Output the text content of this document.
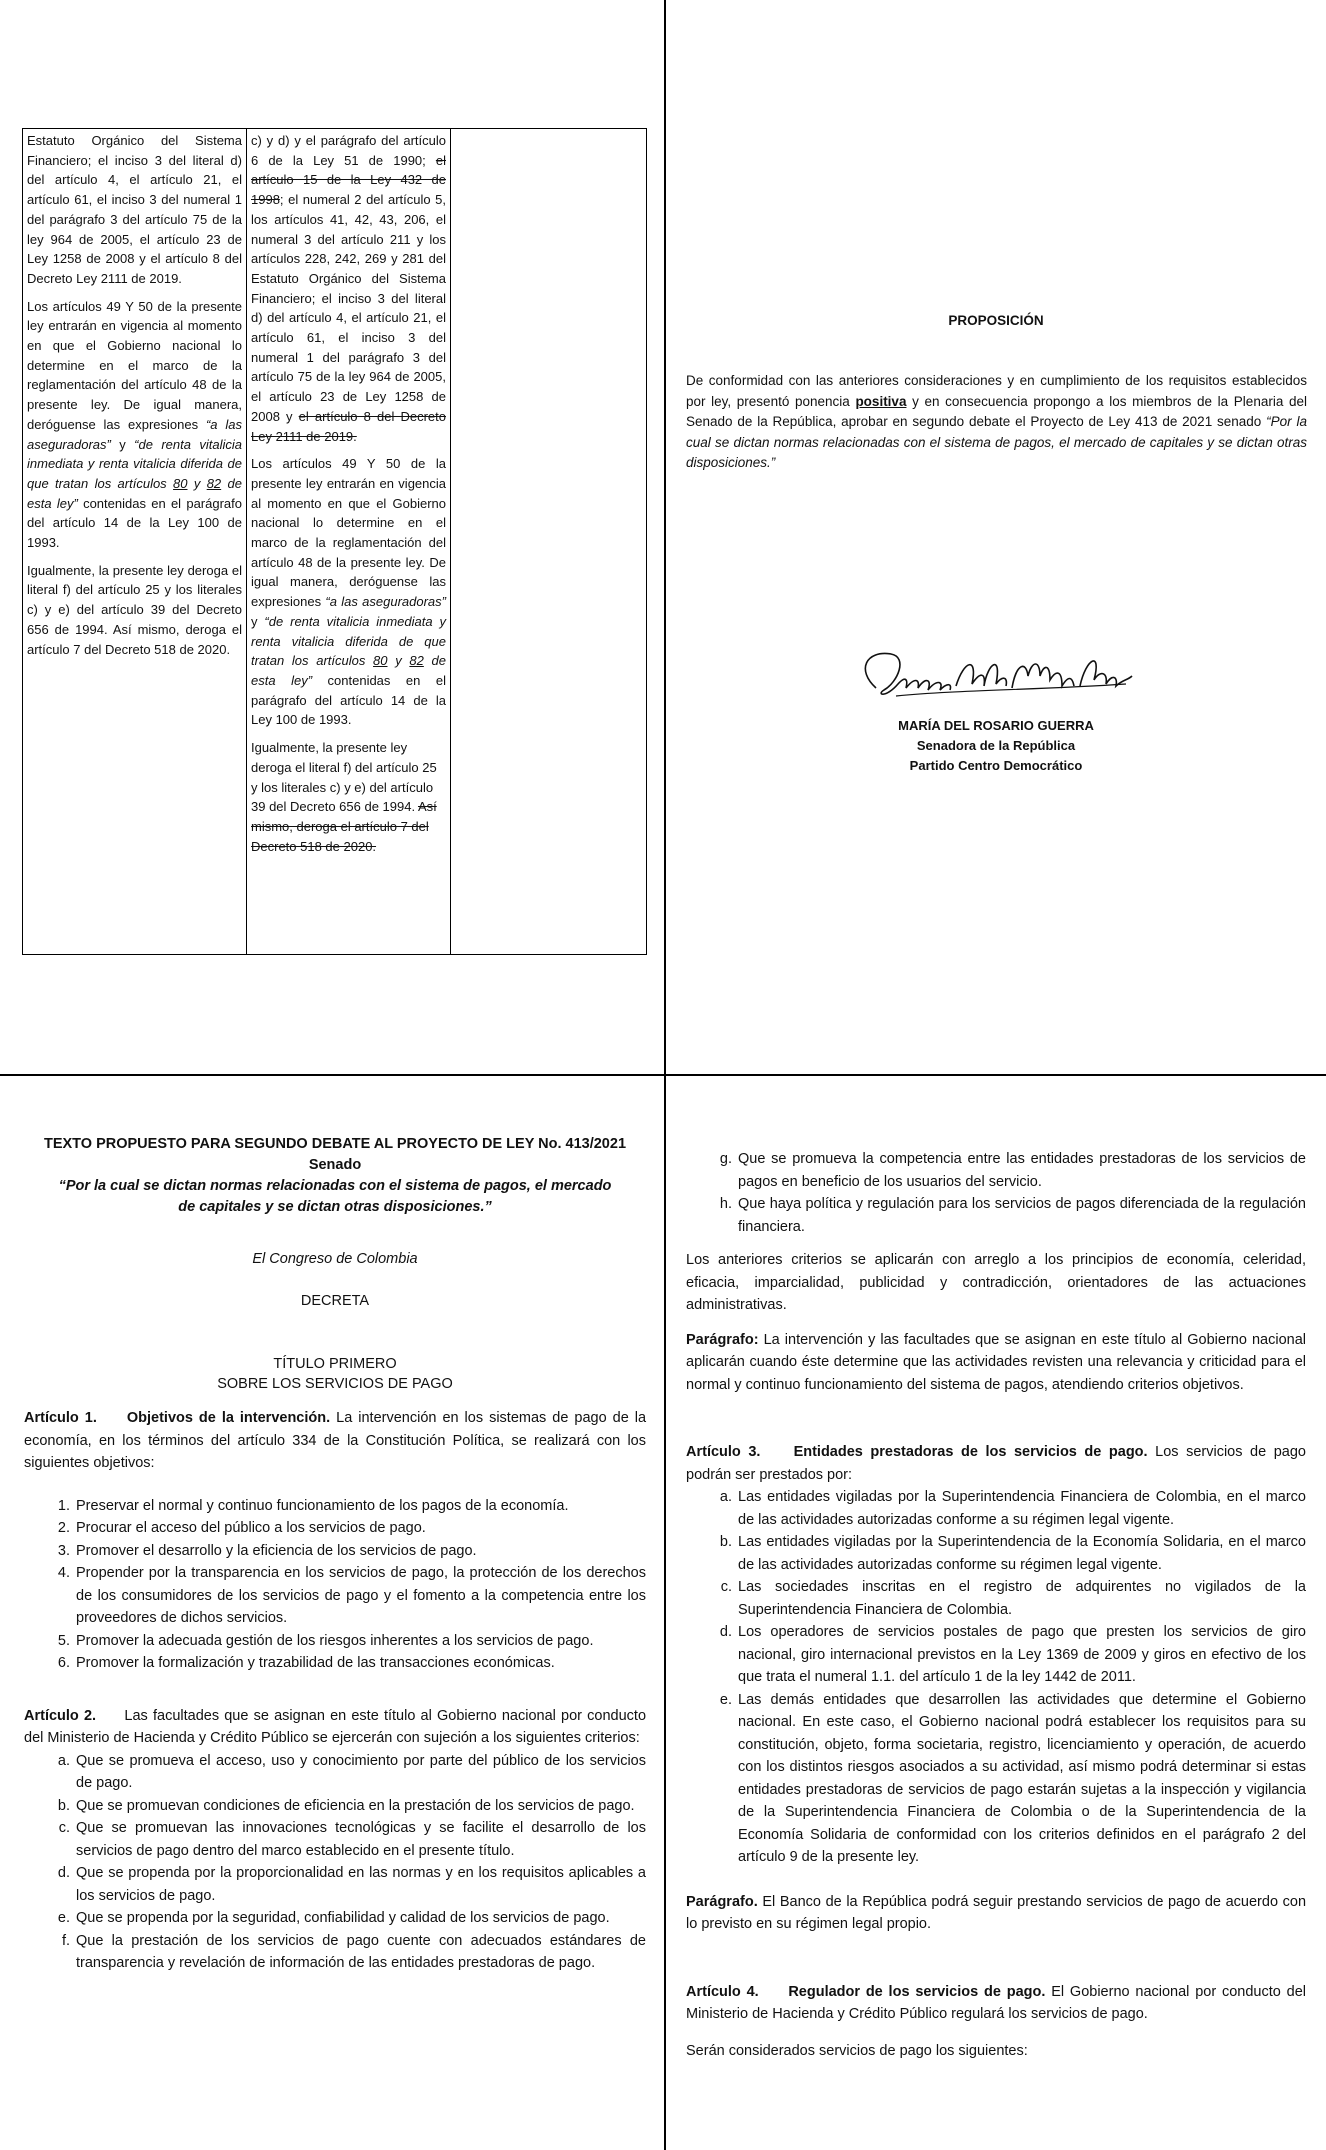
Estatuto Orgánico del Sistema Financiero; el inciso 3 del literal d) del artículo 4, el artículo 21, el artículo 61, el inciso 3 del numeral 1 del parágrafo 3 del artículo 75 de la ley 964 de 2005, el artículo 23 de Ley 1258 de 2008 y el artículo 8 del Decreto Ley 2111 de 2019.
Los artículos 49 Y 50 de la presente ley entrarán en vigencia al momento en que el Gobierno nacional lo determine en el marco de la reglamentación del artículo 48 de la presente ley. De igual manera, deróguense las expresiones “a las aseguradoras” y “de renta vitalicia inmediata y renta vitalicia diferida de que tratan los artículos 80 y 82 de esta ley” contenidas en el parágrafo del artículo 14 de la Ley 100 de 1993.
Igualmente, la presente ley deroga el literal f) del artículo 25 y los literales c) y e) del artículo 39 del Decreto 656 de 1994. Así mismo, deroga el artículo 7 del Decreto 518 de 2020.

c) y d) y el parágrafo del artículo 6 de la Ley 51 de 1990; el artículo 15 de la Ley 432 de 1998; el numeral 2 del artículo 5, los artículos 41, 42, 43, 206, el numeral 3 del artículo 211 y los artículos 228, 242, 269 y 281 del Estatuto Orgánico del Sistema Financiero; el inciso 3 del literal d) del artículo 4, el artículo 21, el artículo 61, el inciso 3 del numeral 1 del parágrafo 3 del artículo 75 de la ley 964 de 2005, el artículo 23 de Ley 1258 de 2008 y el artículo 8 del Decreto Ley 2111 de 2019.
Los artículos 49 Y 50 de la presente ley entrarán en vigencia al momento en que el Gobierno nacional lo determine en el marco de la reglamentación del artículo 48 de la presente ley. De igual manera, deróguense las expresiones “a las aseguradoras” y “de renta vitalicia inmediata y renta vitalicia diferida de que tratan los artículos 80 y 82 de esta ley” contenidas en el parágrafo del artículo 14 de la Ley 100 de 1993.
Igualmente, la presente ley deroga el literal f) del artículo 25 y los literales c) y e) del artículo 39 del Decreto 656 de 1994. Así mismo, deroga el artículo 7 del Decreto 518 de 2020.

PROPOSICIÓN
De conformidad con las anteriores consideraciones y en cumplimiento de los requisitos establecidos por ley, presentó ponencia positiva y en consecuencia propongo a los miembros de la Plenaria del Senado de la República, aprobar en segundo debate el Proyecto de Ley 413 de 2021 senado “Por la cual se dictan normas relacionadas con el sistema de pagos, el mercado de capitales y se dictan otras disposiciones.”
MARÍA DEL ROSARIO GUERRA
Senadora de la República
Partido Centro Democrático
TEXTO PROPUESTO PARA SEGUNDO DEBATE AL PROYECTO DE LEY No. 413/2021 Senado
“Por la cual se dictan normas relacionadas con el sistema de pagos, el mercado de capitales y se dictan otras disposiciones.”
El Congreso de Colombia
DECRETA
TÍTULO PRIMERO
SOBRE LOS SERVICIOS DE PAGO
Artículo 1. Objetivos de la intervención. La intervención en los sistemas de pago de la economía, en los términos del artículo 334 de la Constitución Política, se realizará con los siguientes objetivos:
1. Preservar el normal y continuo funcionamiento de los pagos de la economía.
2. Procurar el acceso del público a los servicios de pago.
3. Promover el desarrollo y la eficiencia de los servicios de pago.
4. Propender por la transparencia en los servicios de pago, la protección de los derechos de los consumidores de los servicios de pago y el fomento a la competencia entre los proveedores de dichos servicios.
5. Promover la adecuada gestión de los riesgos inherentes a los servicios de pago.
6. Promover la formalización y trazabilidad de las transacciones económicas.
Artículo 2. Las facultades que se asignan en este título al Gobierno nacional por conducto del Ministerio de Hacienda y Crédito Público se ejercerán con sujeción a los siguientes criterios:
a. Que se promueva el acceso, uso y conocimiento por parte del público de los servicios de pago.
b. Que se promuevan condiciones de eficiencia en la prestación de los servicios de pago.
c. Que se promuevan las innovaciones tecnológicas y se facilite el desarrollo de los servicios de pago dentro del marco establecido en el presente título.
d. Que se propenda por la proporcionalidad en las normas y en los requisitos aplicables a los servicios de pago.
e. Que se propenda por la seguridad, confiabilidad y calidad de los servicios de pago.
f. Que la prestación de los servicios de pago cuente con adecuados estándares de transparencia y revelación de información de las entidades prestadoras de pago.
g. Que se promueva la competencia entre las entidades prestadoras de los servicios de pagos en beneficio de los usuarios del servicio.
h. Que haya política y regulación para los servicios de pagos diferenciada de la regulación financiera.
Los anteriores criterios se aplicarán con arreglo a los principios de economía, celeridad, eficacia, imparcialidad, publicidad y contradicción, orientadores de las actuaciones administrativas.
Parágrafo: La intervención y las facultades que se asignan en este título al Gobierno nacional aplicarán cuando éste determine que las actividades revisten una relevancia y criticidad para el normal y continuo funcionamiento del sistema de pagos, atendiendo criterios objetivos.
Artículo 3. Entidades prestadoras de los servicios de pago. Los servicios de pago podrán ser prestados por:
a. Las entidades vigiladas por la Superintendencia Financiera de Colombia, en el marco de las actividades autorizadas conforme a su régimen legal vigente.
b. Las entidades vigiladas por la Superintendencia de la Economía Solidaria, en el marco de las actividades autorizadas conforme su régimen legal vigente.
c. Las sociedades inscritas en el registro de adquirentes no vigilados de la Superintendencia Financiera de Colombia.
d. Los operadores de servicios postales de pago que presten los servicios de giro nacional, giro internacional previstos en la Ley 1369 de 2009 y giros en efectivo de los que trata el numeral 1.1. del artículo 1 de la ley 1442 de 2011.
e. Las demás entidades que desarrollen las actividades que determine el Gobierno nacional. En este caso, el Gobierno nacional podrá establecer los requisitos para su constitución, objeto, forma societaria, registro, licenciamiento y operación, de acuerdo con los distintos riesgos asociados a su actividad, así mismo podrá determinar si estas entidades prestadoras de servicios de pago estarán sujetas a la inspección y vigilancia de la Superintendencia Financiera de Colombia o de la Superintendencia de la Economía Solidaria de conformidad con los criterios definidos en el parágrafo 2 del artículo 9 de la presente ley.
Parágrafo. El Banco de la República podrá seguir prestando servicios de pago de acuerdo con lo previsto en su régimen legal propio.
Artículo 4. Regulador de los servicios de pago. El Gobierno nacional por conducto del Ministerio de Hacienda y Crédito Público regulará los servicios de pago.
Serán considerados servicios de pago los siguientes:
